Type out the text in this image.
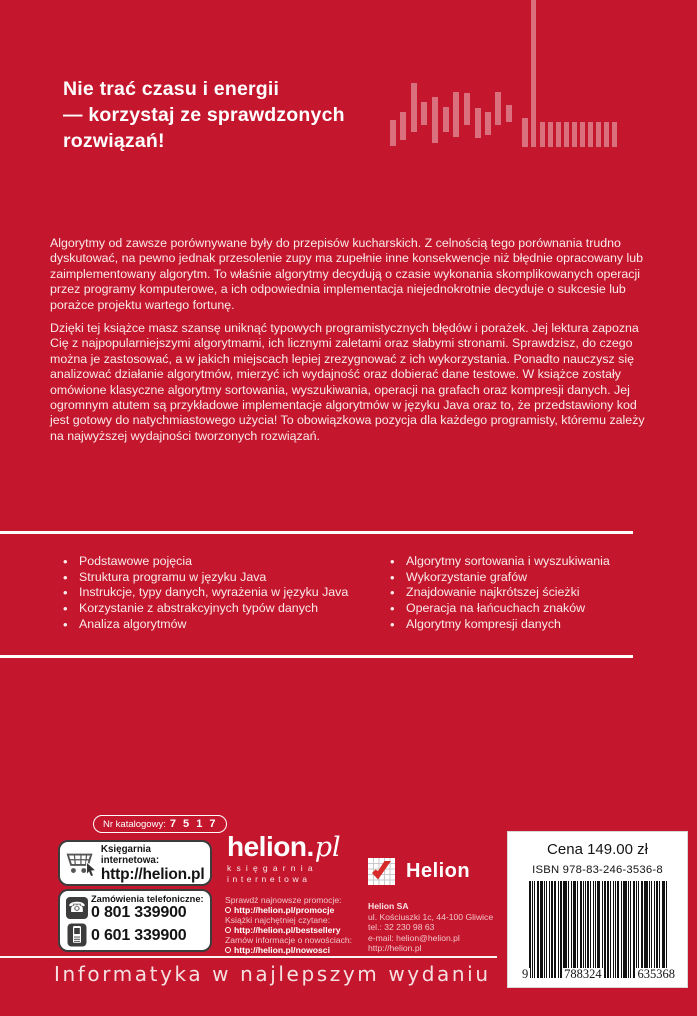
Nie trać czasu i energii
— korzystaj ze sprawdzonych
rozwiązań!
Algorytmy od zawsze porównywane były do przepisów kucharskich. Z celnością tego porównania trudno dyskutować, na pewno jednak przesolenie zupy ma zupełnie inne konsekwencje niż błędnie opracowany lub zaimplementowany algorytm. To właśnie algorytmy decydują o czasie wykonania skomplikowanych operacji przez programy komputerowe, a ich odpowiednia implementacja niejednokrotnie decyduje o sukcesie lub porażce projektu wartego fortunę.
Dzięki tej książce masz szansę uniknąć typowych programistycznych błędów i porażek. Jej lektura zapozna Cię z najpopularniejszymi algorytmami, ich licznymi zaletami oraz słabymi stronami. Sprawdzisz, do czego można je zastosować, a w jakich miejscach lepiej zrezygnować z ich wykorzystania. Ponadto nauczysz się analizować działanie algorytmów, mierzyć ich wydajność oraz dobierać dane testowe. W książce zostały omówione klasyczne algorytmy sortowania, wyszukiwania, operacji na grafach oraz kompresji danych. Jej ogromnym atutem są przykładowe implementacje algorytmów w języku Java oraz to, że przedstawiony kod jest gotowy do natychmiastowego użycia! To obowiązkowa pozycja dla każdego programisty, któremu zależy na najwyższej wydajności tworzonych rozwiązań.
• Podstawowe pojęcia
• Struktura programu w języku Java
• Instrukcje, typy danych, wyrażenia w języku Java
• Korzystanie z abstrakcyjnych typów danych
• Analiza algorytmów
• Algorytmy sortowania i wyszukiwania
• Wykorzystanie grafów
• Znajdowanie najkrótszej ścieżki
• Operacja na łańcuchach znaków
• Algorytmy kompresji danych
Nr katalogowy: 7 5 1 7
Księgarnia internetowa:
http://helion.pl
☎ Zamówienia telefoniczne:
0 801 339900
0 601 339900
helion.pl
księgarnia
internetowa
Sprawdź najnowsze promocje:
http://helion.pl/promocje
Książki najchętniej czytane:
http://helion.pl/bestsellery
Zamów informacje o nowościach:
http://helion.pl/nowosci
Helion
Helion SA
ul. Kościuszki 1c, 44-100 Gliwice
tel.: 32 230 98 63
e-mail: helion@helion.pl
http://helion.pl
Cena 149.00 zł
ISBN 978-83-246-3536-8
9	788324	635368
Informatyka w najlepszym wydaniu
